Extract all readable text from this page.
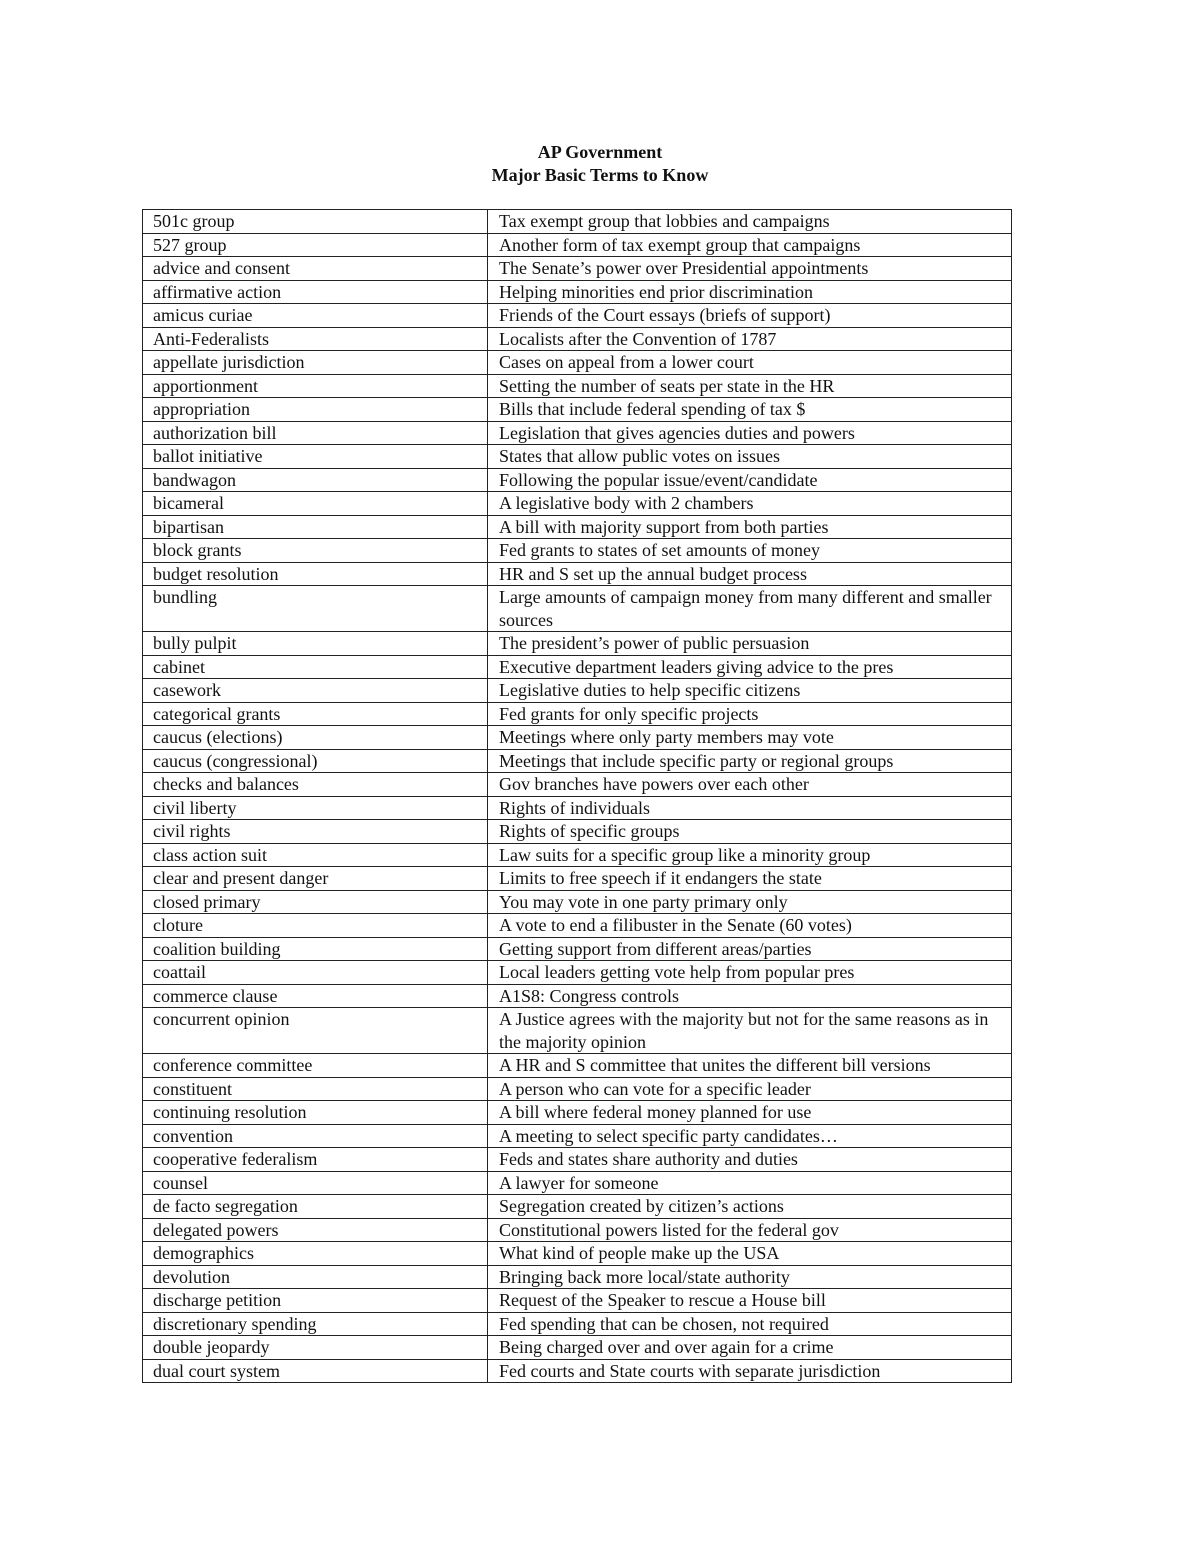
AP Government
Major Basic Terms to Know
501c group	Tax exempt group that lobbies and campaigns
527 group	Another form of tax exempt group that campaigns
advice and consent	The Senate’s power over Presidential appointments
affirmative action	Helping minorities end prior discrimination
amicus curiae	Friends of the Court essays (briefs of support)
Anti-Federalists	Localists after the Convention of 1787
appellate jurisdiction	Cases on appeal from a lower court
apportionment	Setting the number of seats per state in the HR
appropriation	Bills that include federal spending of tax $
authorization bill	Legislation that gives agencies duties and powers
ballot initiative	States that allow public votes on issues
bandwagon	Following the popular issue/event/candidate
bicameral	A legislative body with 2 chambers
bipartisan	A bill with majority support from both parties
block grants	Fed grants to states of set amounts of money
budget resolution	HR and S set up the annual budget process
bundling	Large amounts of campaign money from many different and smaller sources
bully pulpit	The president’s power of public persuasion
cabinet	Executive department leaders giving advice to the pres
casework	Legislative duties to help specific citizens
categorical grants	Fed grants for only specific projects
caucus (elections)	Meetings where only party members may vote
caucus (congressional)	Meetings that include specific party or regional groups
checks and balances	Gov branches have powers over each other
civil liberty	Rights of individuals
civil rights	Rights of specific groups
class action suit	Law suits for a specific group like a minority group
clear and present danger	Limits to free speech if it endangers the state
closed primary	You may vote in one party primary only
cloture	A vote to end a filibuster in the Senate (60 votes)
coalition building	Getting support from different areas/parties
coattail	Local leaders getting vote help from popular pres
commerce clause	A1S8: Congress controls
concurrent opinion	A Justice agrees with the majority but not for the same reasons as in the majority opinion
conference committee	A HR and S committee that unites the different bill versions
constituent	A person who can vote for a specific leader
continuing resolution	A bill where federal money planned for use
convention	A meeting to select specific party candidates…
cooperative federalism	Feds and states share authority and duties
counsel	A lawyer for someone
de facto segregation	Segregation created by citizen’s actions
delegated powers	Constitutional powers listed for the federal gov
demographics	What kind of people make up the USA
devolution	Bringing back more local/state authority
discharge petition	Request of the Speaker to rescue a House bill
discretionary spending	Fed spending that can be chosen, not required
double jeopardy	Being charged over and over again for a crime
dual court system	Fed courts and State courts with separate jurisdiction
